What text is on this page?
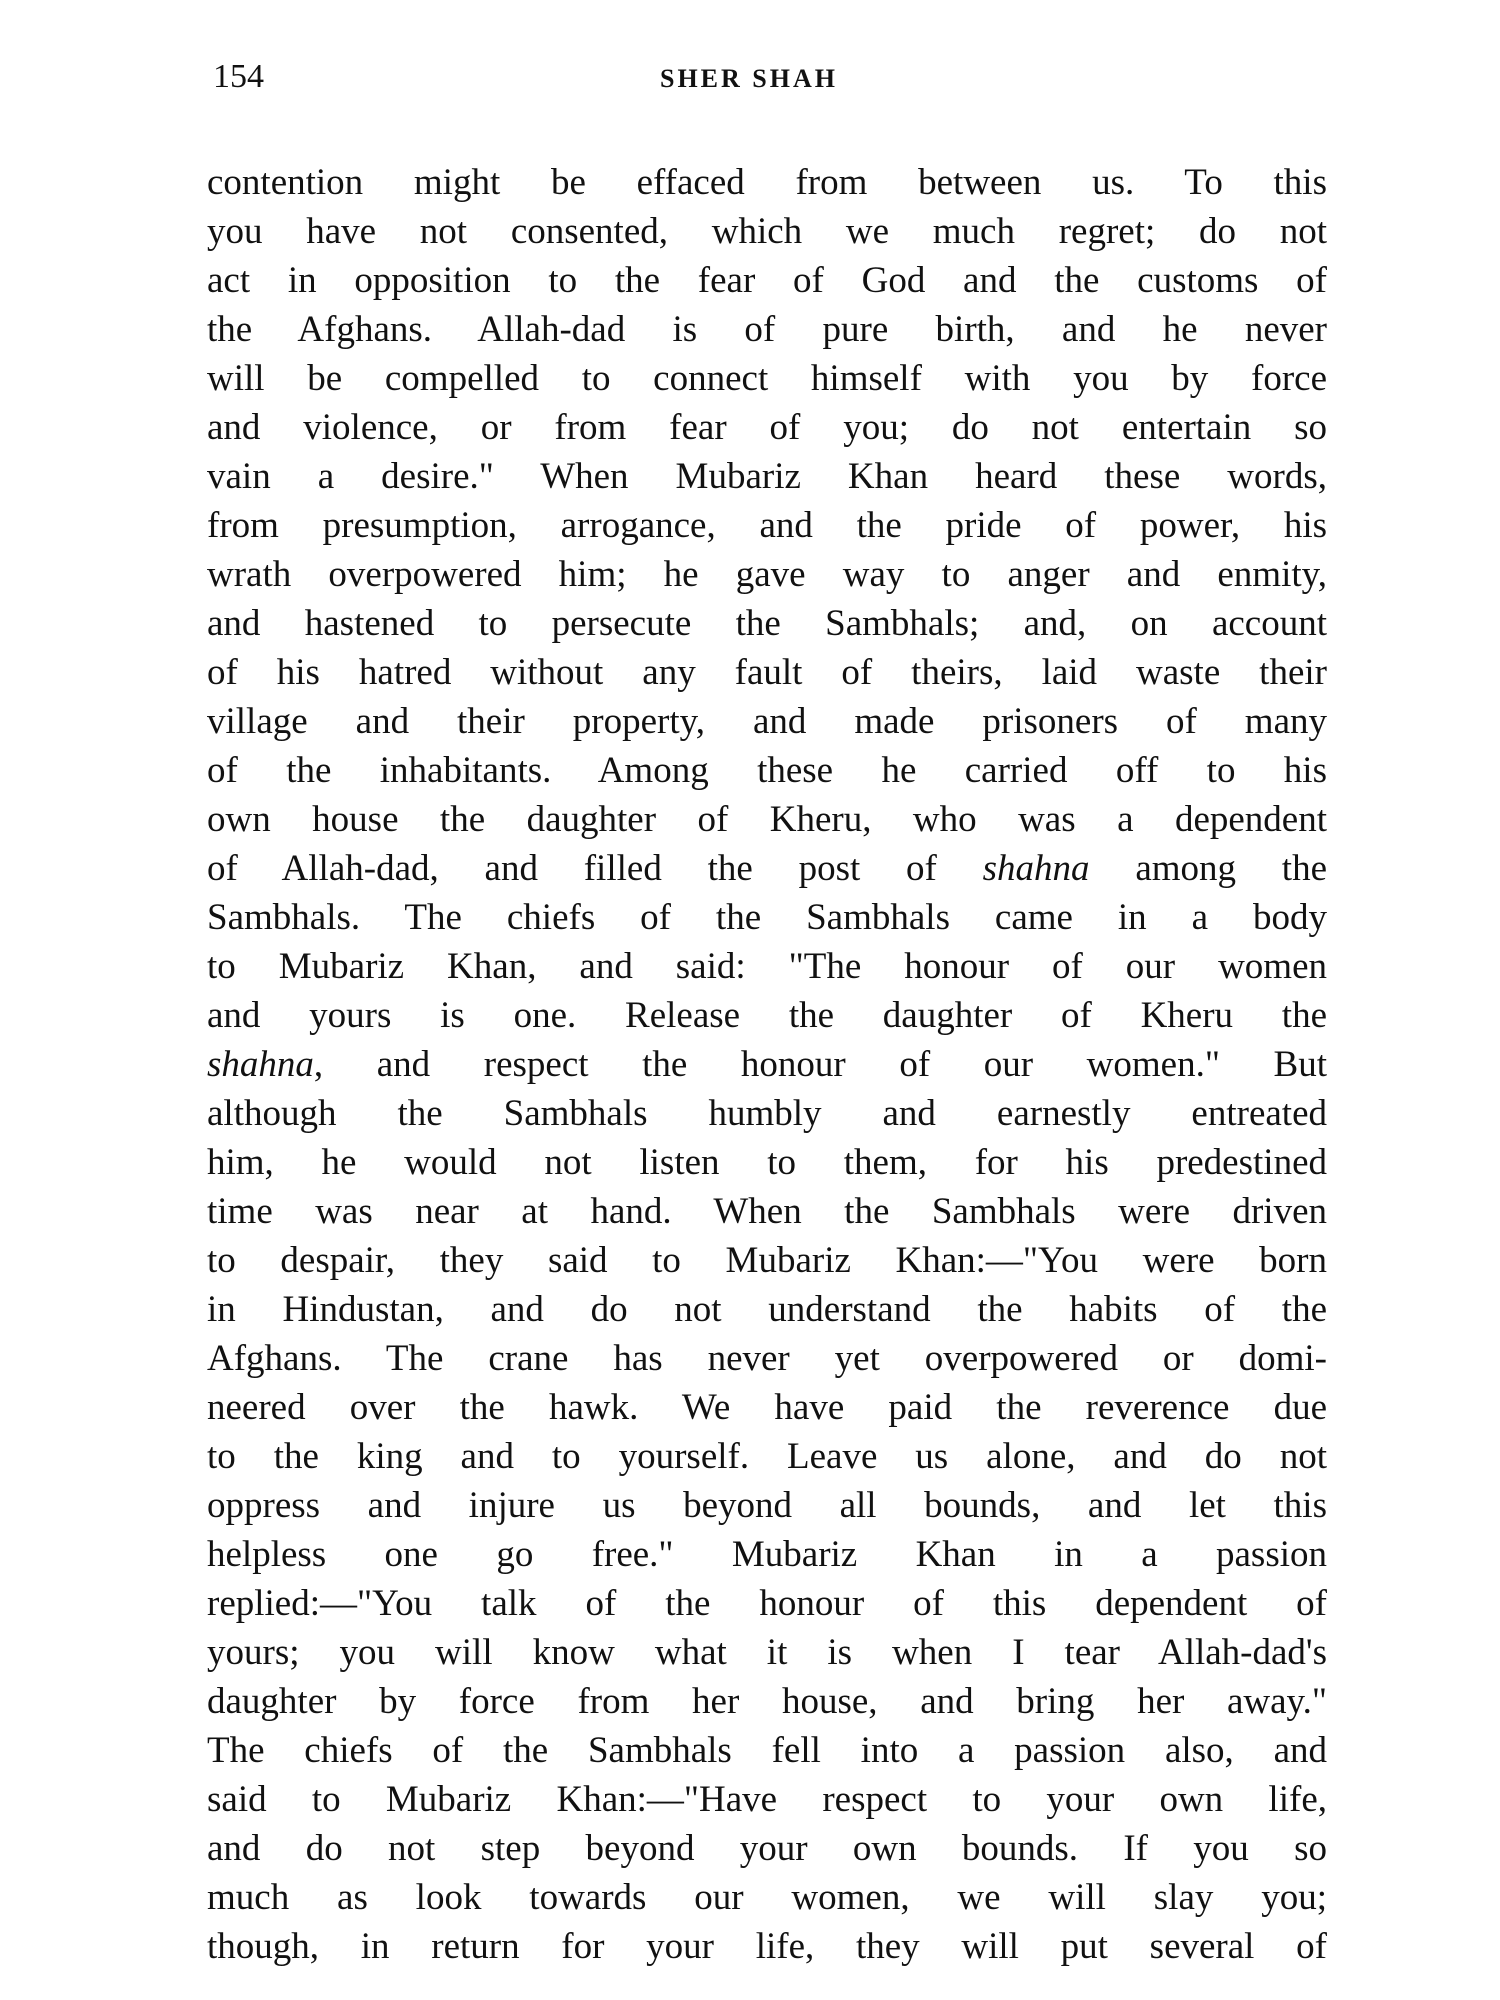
154	SHER SHAH
contention might be effaced from between us. To this
you have not consented, which we much regret; do not
act in opposition to the fear of God and the customs of
the Afghans. Allah-dad is of pure birth, and he never
will be compelled to connect himself with you by force
and violence, or from fear of you; do not entertain so
vain a desire." When Mubariz Khan heard these words,
from presumption, arrogance, and the pride of power, his
wrath overpowered him; he gave way to anger and enmity,
and hastened to persecute the Sambhals; and, on account
of his hatred without any fault of theirs, laid waste their
village and their property, and made prisoners of many
of the inhabitants. Among these he carried off to his
own house the daughter of Kheru, who was a dependent
of Allah-dad, and filled the post of shahna among the
Sambhals. The chiefs of the Sambhals came in a body
to Mubariz Khan, and said: "The honour of our women
and yours is one. Release the daughter of Kheru the
shahna, and respect the honour of our women." But
although the Sambhals humbly and earnestly entreated
him, he would not listen to them, for his predestined
time was near at hand. When the Sambhals were driven
to despair, they said to Mubariz Khan:—"You were born
in Hindustan, and do not understand the habits of the
Afghans. The crane has never yet overpowered or domi-
neered over the hawk. We have paid the reverence due
to the king and to yourself. Leave us alone, and do not
oppress and injure us beyond all bounds, and let this
helpless one go free." Mubariz Khan in a passion
replied:—"You talk of the honour of this dependent of
yours; you will know what it is when I tear Allah-dad's
daughter by force from her house, and bring her away."
The chiefs of the Sambhals fell into a passion also, and
said to Mubariz Khan:—"Have respect to your own life,
and do not step beyond your own bounds. If you so
much as look towards our women, we will slay you;
though, in return for your life, they will put several of
